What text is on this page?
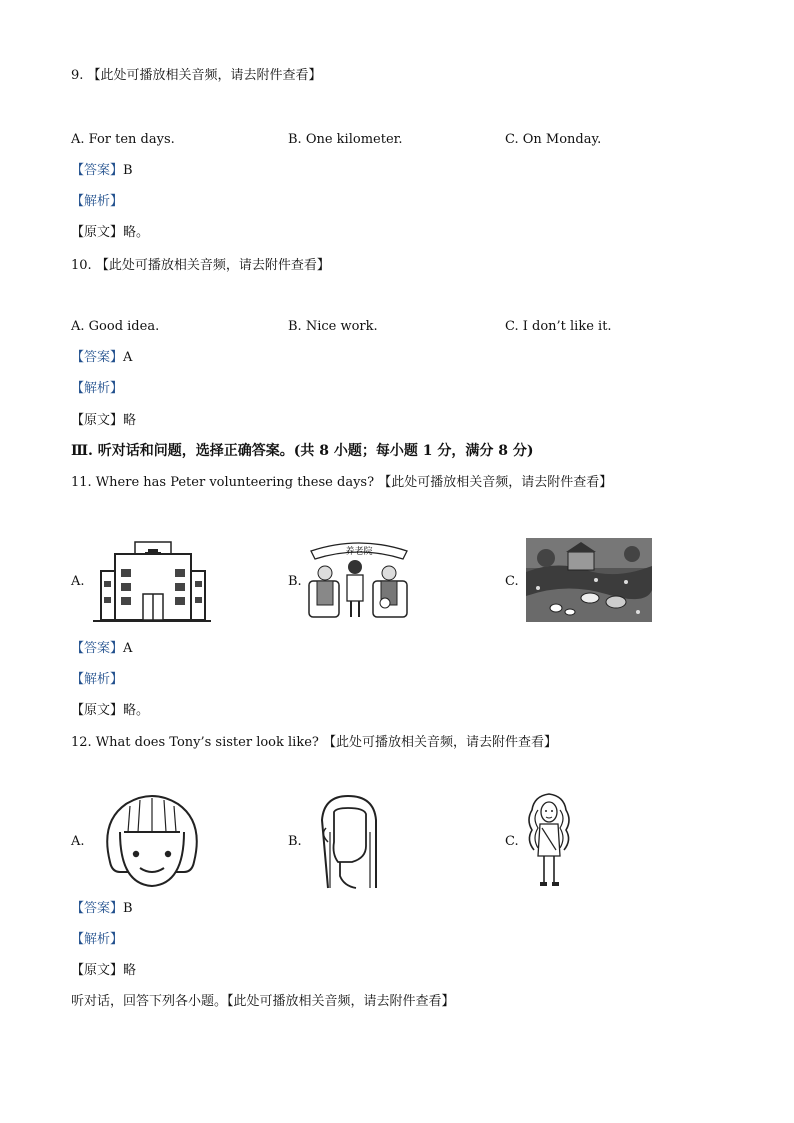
9. 【此处可播放相关音频，请去附件查看】
A. For ten days.	B. One kilometer.	C. On Monday.
【答案】B
【解析】
【原文】略。
10. 【此处可播放相关音频，请去附件查看】
A. Good idea.	B. Nice work.	C. I don’t like it.
【答案】A
【解析】
【原文】略
Ⅲ. 听对话和问题，选择正确答案。(共 8 小题；每小题 1 分，满分 8 分)
11. Where has Peter volunteering these days? 【此处可播放相关音频，请去附件查看】
A.	B.	C.
养老院
【答案】A
【解析】
【原文】略。
12. What does Tony’s sister look like? 【此处可播放相关音频，请去附件查看】
A.	B.	C.
【答案】B
【解析】
【原文】略
听对话，回答下列各小题。【此处可播放相关音频，请去附件查看】
